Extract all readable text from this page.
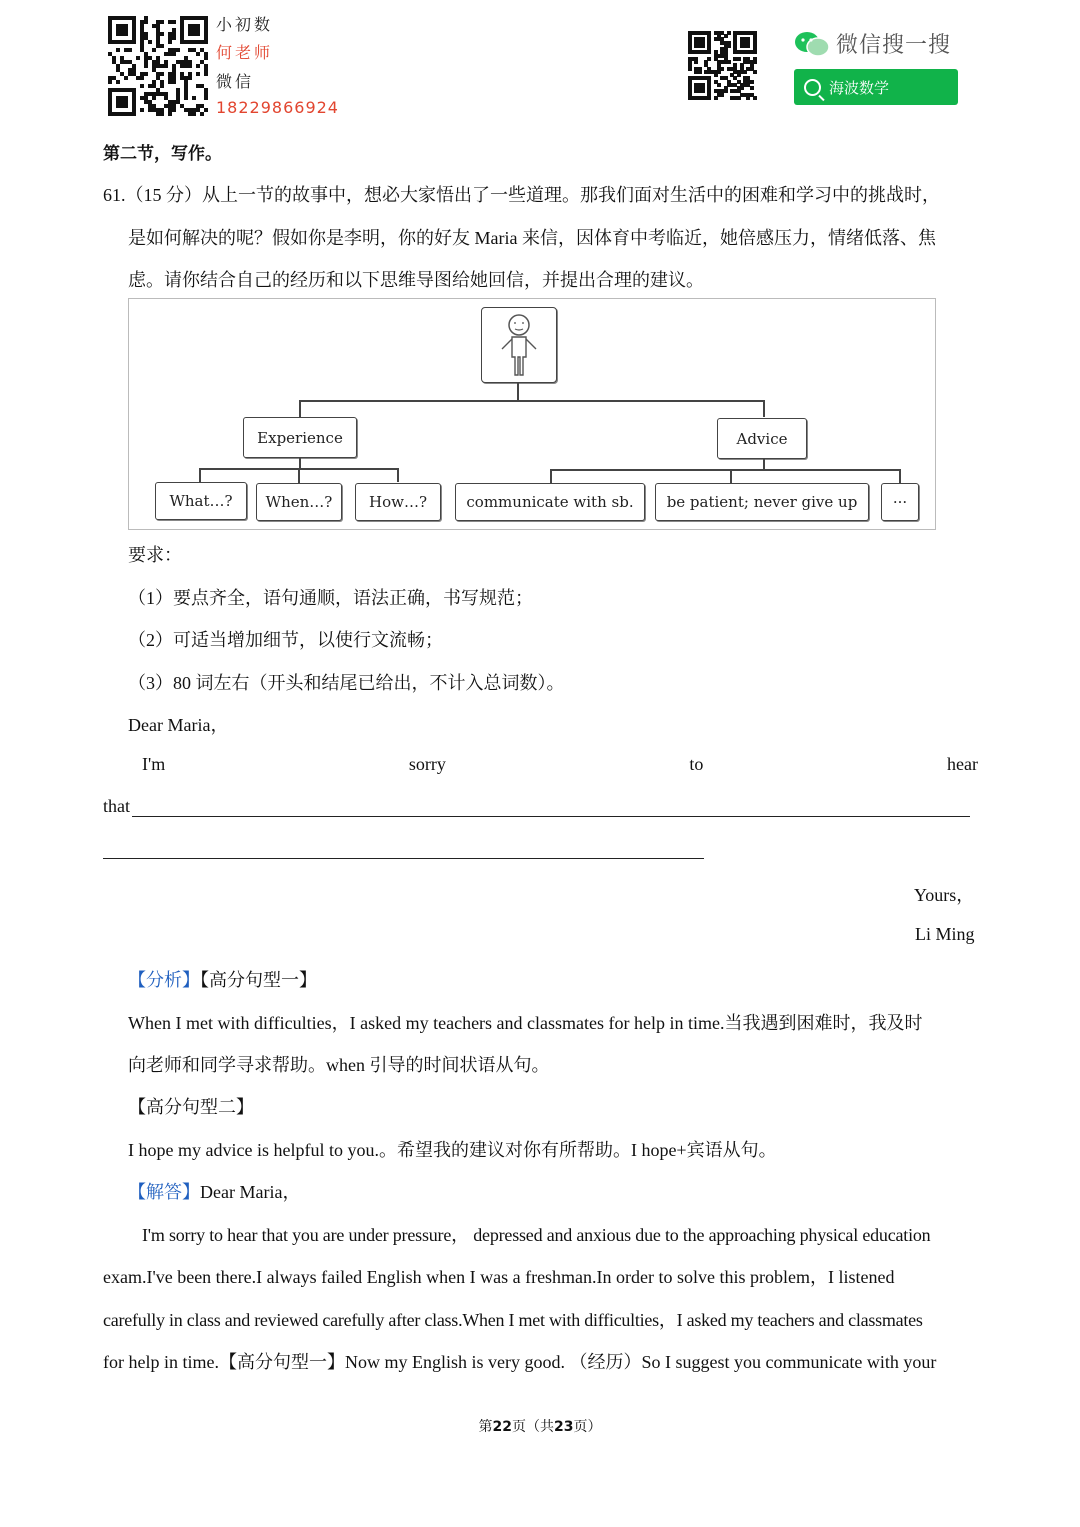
小初数
何老师
微信
18229866924
微信搜一搜
海波数学
第二节，写作。
61.（15 分）从上一节的故事中，想必大家悟出了一些道理。那我们面对生活中的困难和学习中的挑战时，
是如何解决的呢？假如你是李明，你的好友 Maria 来信，因体育中考临近，她倍感压力，情绪低落、焦
虑。请你结合自己的经历和以下思维导图给她回信，并提出合理的建议。
Experience	Advice
What…?	When…?	How…?	communicate with sb.	be patient; never give up	···
要求：
（1）要点齐全，语句通顺，语法正确，书写规范；
（2）可适当增加细节，以使行文流畅；
（3）80 词左右（开头和结尾已给出，不计入总词数）。
Dear Maria，
I'm	sorry	to	hear
that
Yours，
Li Ming
【分析】【高分句型一】
When I met with difficulties，I asked my teachers and classmates for help in time.当我遇到困难时，我及时
向老师和同学寻求帮助。when 引导的时间状语从句。
【高分句型二】
I hope my advice is helpful to you.。希望我的建议对你有所帮助。I hope+宾语从句。
【解答】Dear Maria，
I'm sorry to hear that you are under pressure， depressed and anxious due to the approaching physical education
exam.I've been there.I always failed English when I was a freshman.In order to solve this problem，I listened
carefully in class and reviewed carefully after class.When I met with difficulties，I asked my teachers and classmates
for help in time.【高分句型一】Now my English is very good. （经历）So I suggest you communicate with your
第22页（共23页）
